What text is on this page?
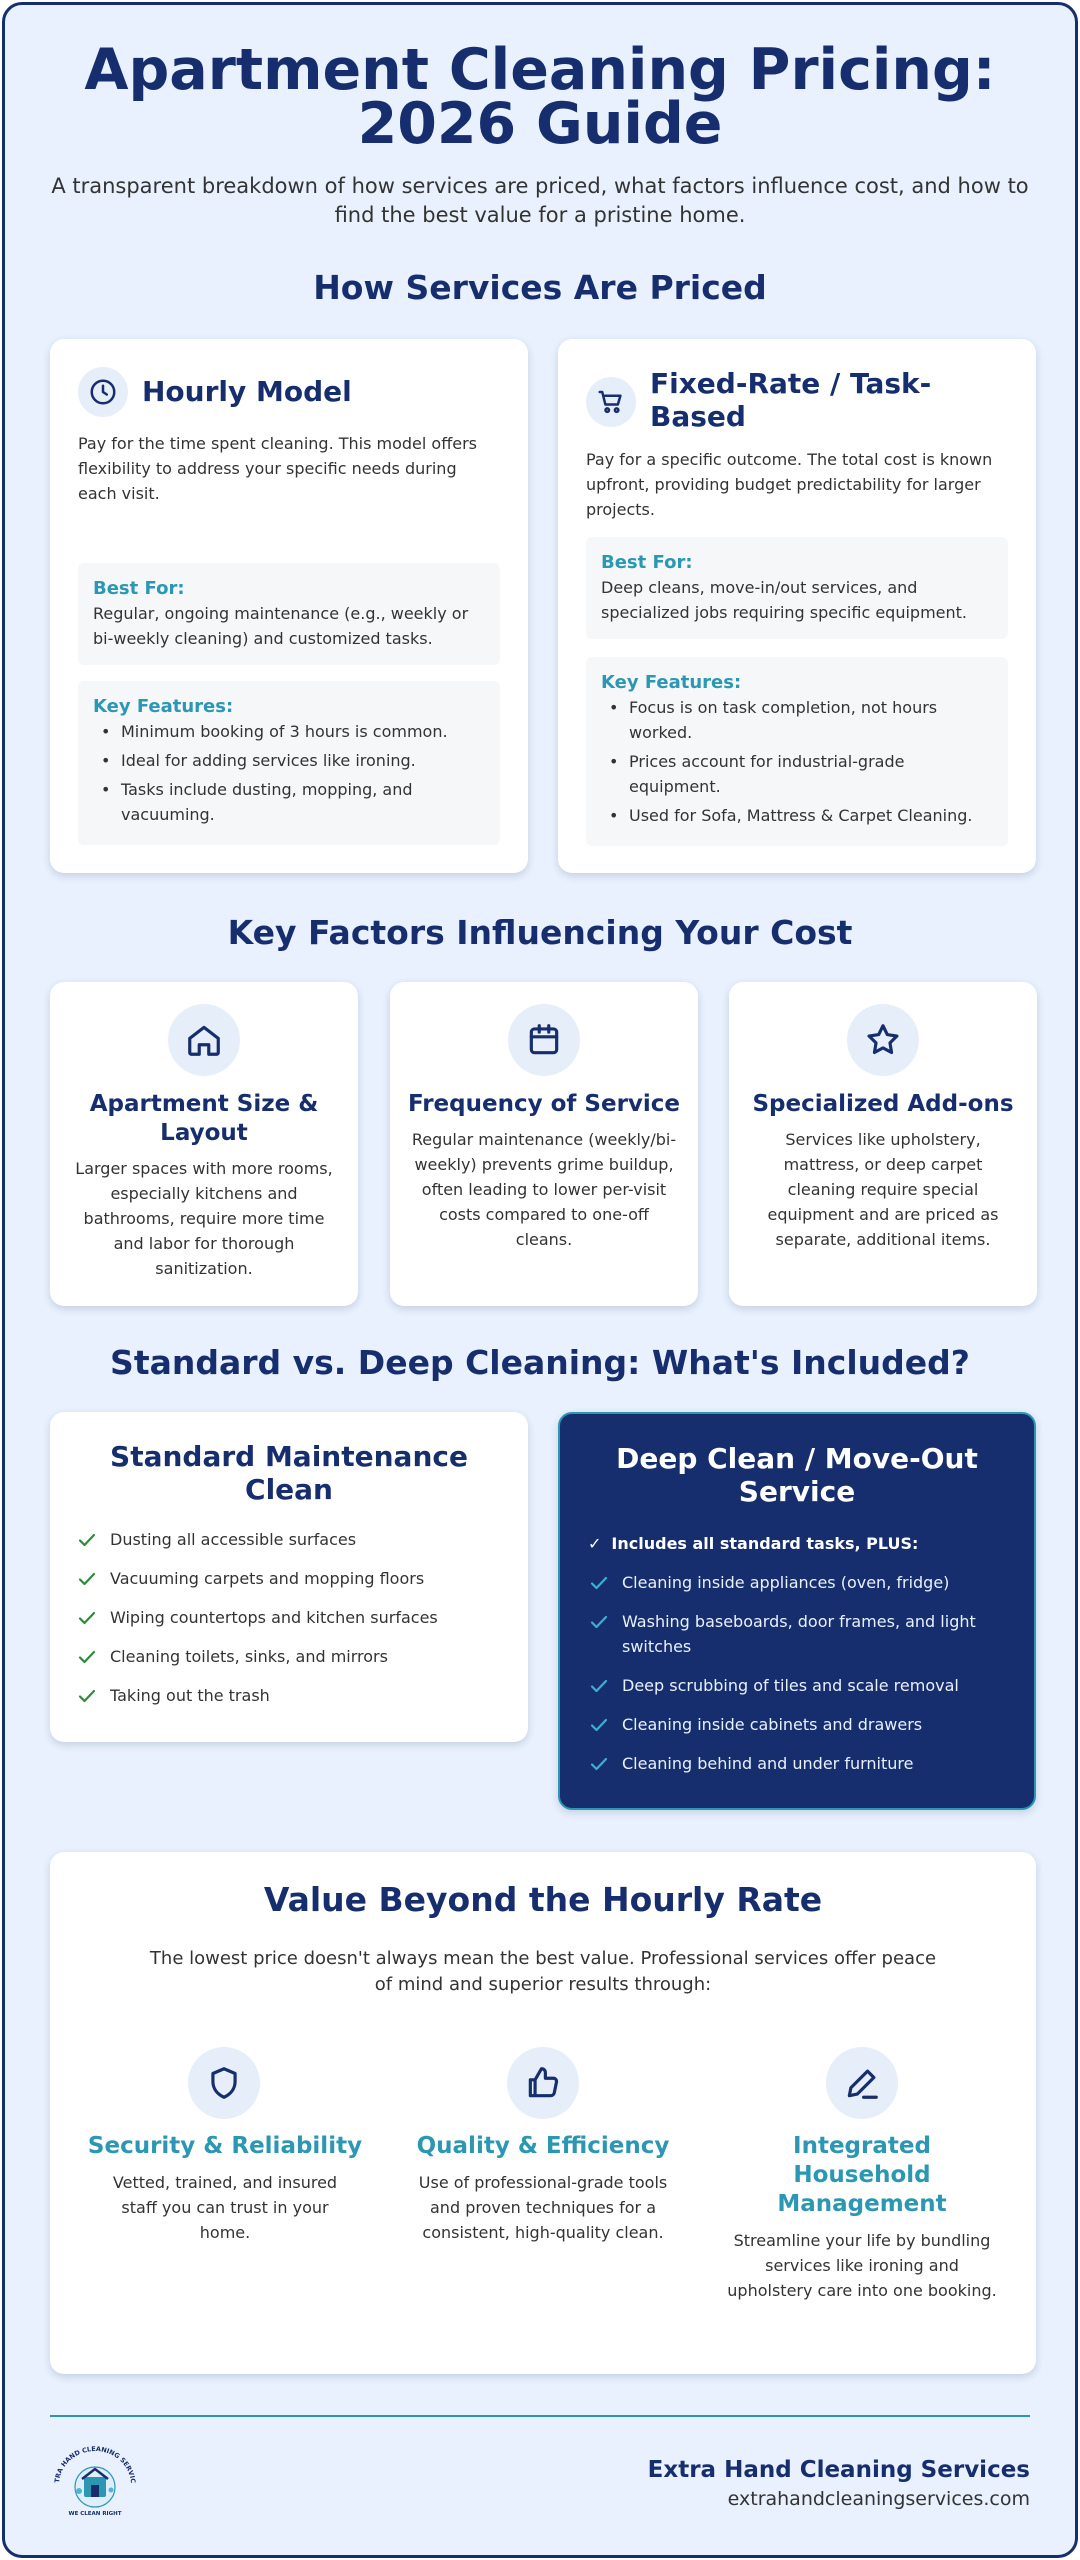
Apartment Cleaning Pricing:
2026 Guide

A transparent breakdown of how services are priced, what factors influence cost, and how to find the best value for a pristine home.

How Services Are Priced
Hourly Model

Pay for the time spent cleaning. This model offers flexibility to address your specific needs during each visit.

Best For:
Regular, ongoing maintenance (e.g., weekly or bi-weekly cleaning) and customized tasks.
Key Features:
• Minimum booking of 3 hours is common.
• Ideal for adding services like ironing.
• Tasks include dusting, mopping, and vacuuming.
Fixed-Rate / Task-Based

Pay for a specific outcome. The total cost is known upfront, providing budget predictability for larger projects.

Best For:
Deep cleans, move-in/out services, and specialized jobs requiring specific equipment.
Key Features:
• Focus is on task completion, not hours worked.
• Prices account for industrial-grade equipment.
• Used for Sofa, Mattress & Carpet Cleaning.
Key Factors Influencing Your Cost
Apartment Size & Layout

Larger spaces with more rooms, especially kitchens and bathrooms, require more time and labor for thorough sanitization.

Frequency of Service

Regular maintenance (weekly/bi-weekly) prevents grime buildup, often leading to lower per-visit costs compared to one-off cleans.

Specialized Add-ons

Services like upholstery, mattress, or deep carpet cleaning require special equipment and are priced as separate, additional items.

Standard vs. Deep Cleaning: What's Included?
Standard Maintenance Clean
Dusting all accessible surfaces
Vacuuming carpets and mopping floors
Wiping countertops and kitchen surfaces
Cleaning toilets, sinks, and mirrors
Taking out the trash
Deep Clean / Move-Out Service
✓ Includes all standard tasks, PLUS:
Cleaning inside appliances (oven, fridge)
Washing baseboards, door frames, and light switches
Deep scrubbing of tiles and scale removal
Cleaning inside cabinets and drawers
Cleaning behind and under furniture
Value Beyond the Hourly Rate

The lowest price doesn't always mean the best value. Professional services offer peace of mind and superior results through:

Security & Reliability

Vetted, trained, and insured staff you can trust in your home.

Quality & Efficiency

Use of professional-grade tools and proven techniques for a consistent, high-quality clean.

Integrated Household Management

Streamline your life by bundling services like ironing and upholstery care into one booking.

TRA HAND CLEANING SERVIC
WE CLEAN RIGHT
Extra Hand Cleaning Services
extrahandcleaningservices.com
